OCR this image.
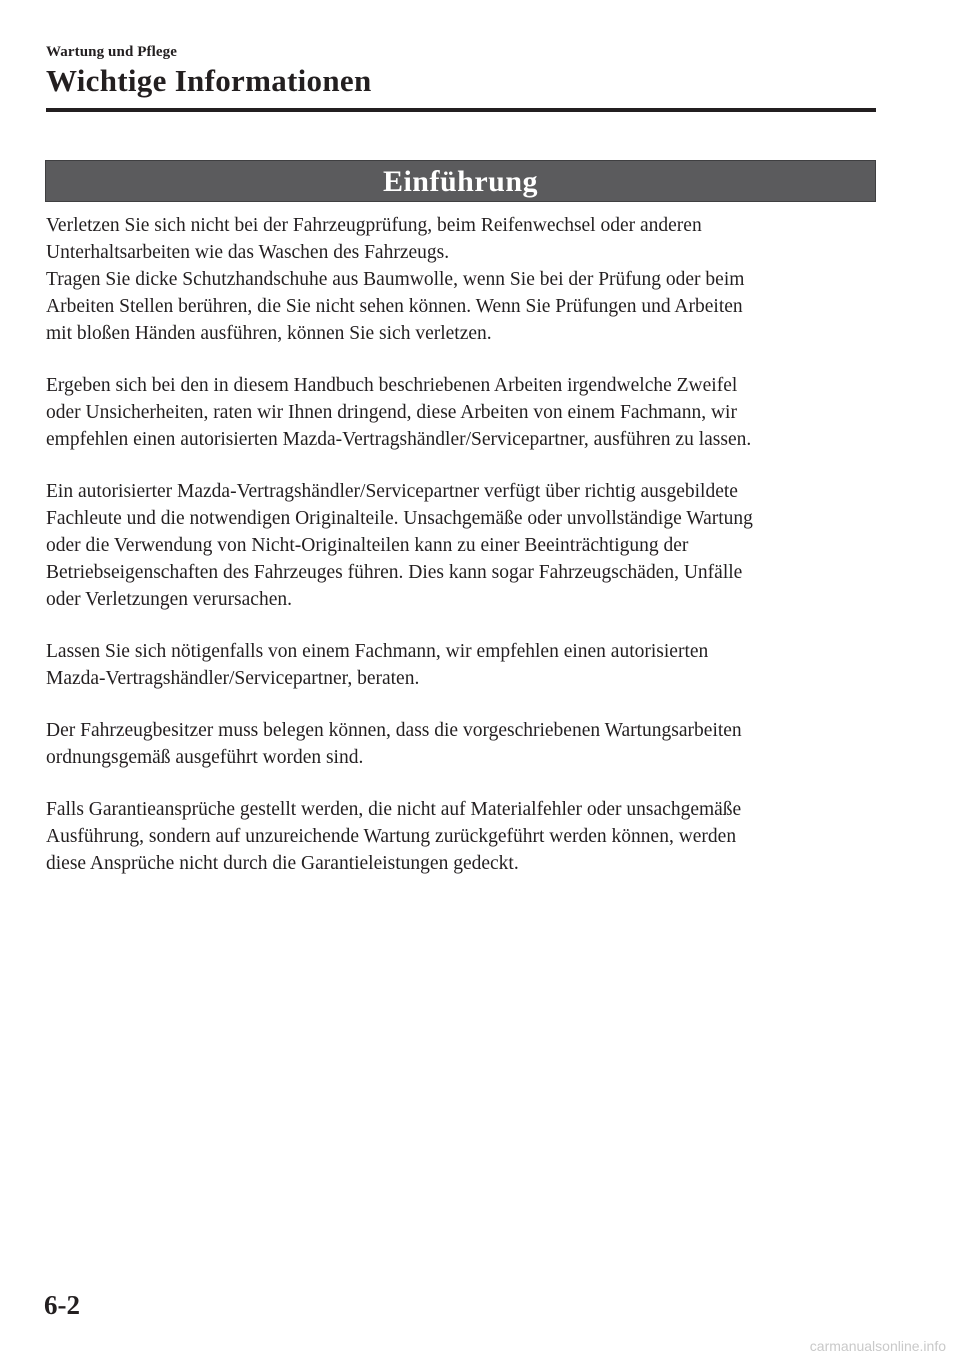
Wartung und Pflege
Wichtige Informationen
Einführung

Verletzen Sie sich nicht bei der Fahrzeugprüfung, beim Reifenwechsel oder anderen
Unterhaltsarbeiten wie das Waschen des Fahrzeugs.
Tragen Sie dicke Schutzhandschuhe aus Baumwolle, wenn Sie bei der Prüfung oder beim
Arbeiten Stellen berühren, die Sie nicht sehen können. Wenn Sie Prüfungen und Arbeiten
mit bloßen Händen ausführen, können Sie sich verletzen.

Ergeben sich bei den in diesem Handbuch beschriebenen Arbeiten irgendwelche Zweifel
oder Unsicherheiten, raten wir Ihnen dringend, diese Arbeiten von einem Fachmann, wir
empfehlen einen autorisierten Mazda-Vertragshändler/Servicepartner, ausführen zu lassen.

Ein autorisierter Mazda-Vertragshändler/Servicepartner verfügt über richtig ausgebildete
Fachleute und die notwendigen Originalteile. Unsachgemäße oder unvollständige Wartung
oder die Verwendung von Nicht-Originalteilen kann zu einer Beeinträchtigung der
Betriebseigenschaften des Fahrzeuges führen. Dies kann sogar Fahrzeugschäden, Unfälle
oder Verletzungen verursachen.

Lassen Sie sich nötigenfalls von einem Fachmann, wir empfehlen einen autorisierten
Mazda-Vertragshändler/Servicepartner, beraten.

Der Fahrzeugbesitzer muss belegen können, dass die vorgeschriebenen Wartungsarbeiten
ordnungsgemäß ausgeführt worden sind.

Falls Garantieansprüche gestellt werden, die nicht auf Materialfehler oder unsachgemäße
Ausführung, sondern auf unzureichende Wartung zurückgeführt werden können, werden
diese Ansprüche nicht durch die Garantieleistungen gedeckt.

6-2
carmanualsonline.info
